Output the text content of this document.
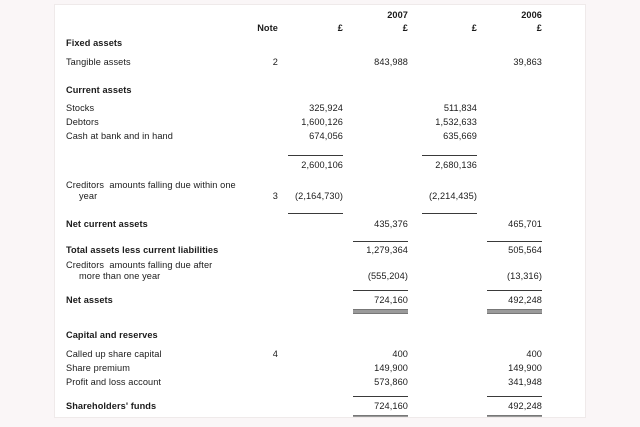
2007	2006
Note	£	£	£	£
Fixed assets
Tangible assets	2	843,988	39,863
Current assets
Stocks	325,924	511,834
Debtors	1,600,126	1,532,633
Cash at bank and in hand	674,056	635,669
2,600,106	2,680,136
Creditors  amounts falling due within one
year	3	(2,164,730)	(2,214,435)
Net current assets	435,376	465,701
Total assets less current liabilities	1,279,364	505,564
Creditors  amounts falling due after
more than one year	(555,204)	(13,316)
Net assets	724,160	492,248
Capital and reserves
Called up share capital	4	400	400
Share premium	149,900	149,900
Profit and loss account	573,860	341,948
Shareholders' funds	724,160	492,248
